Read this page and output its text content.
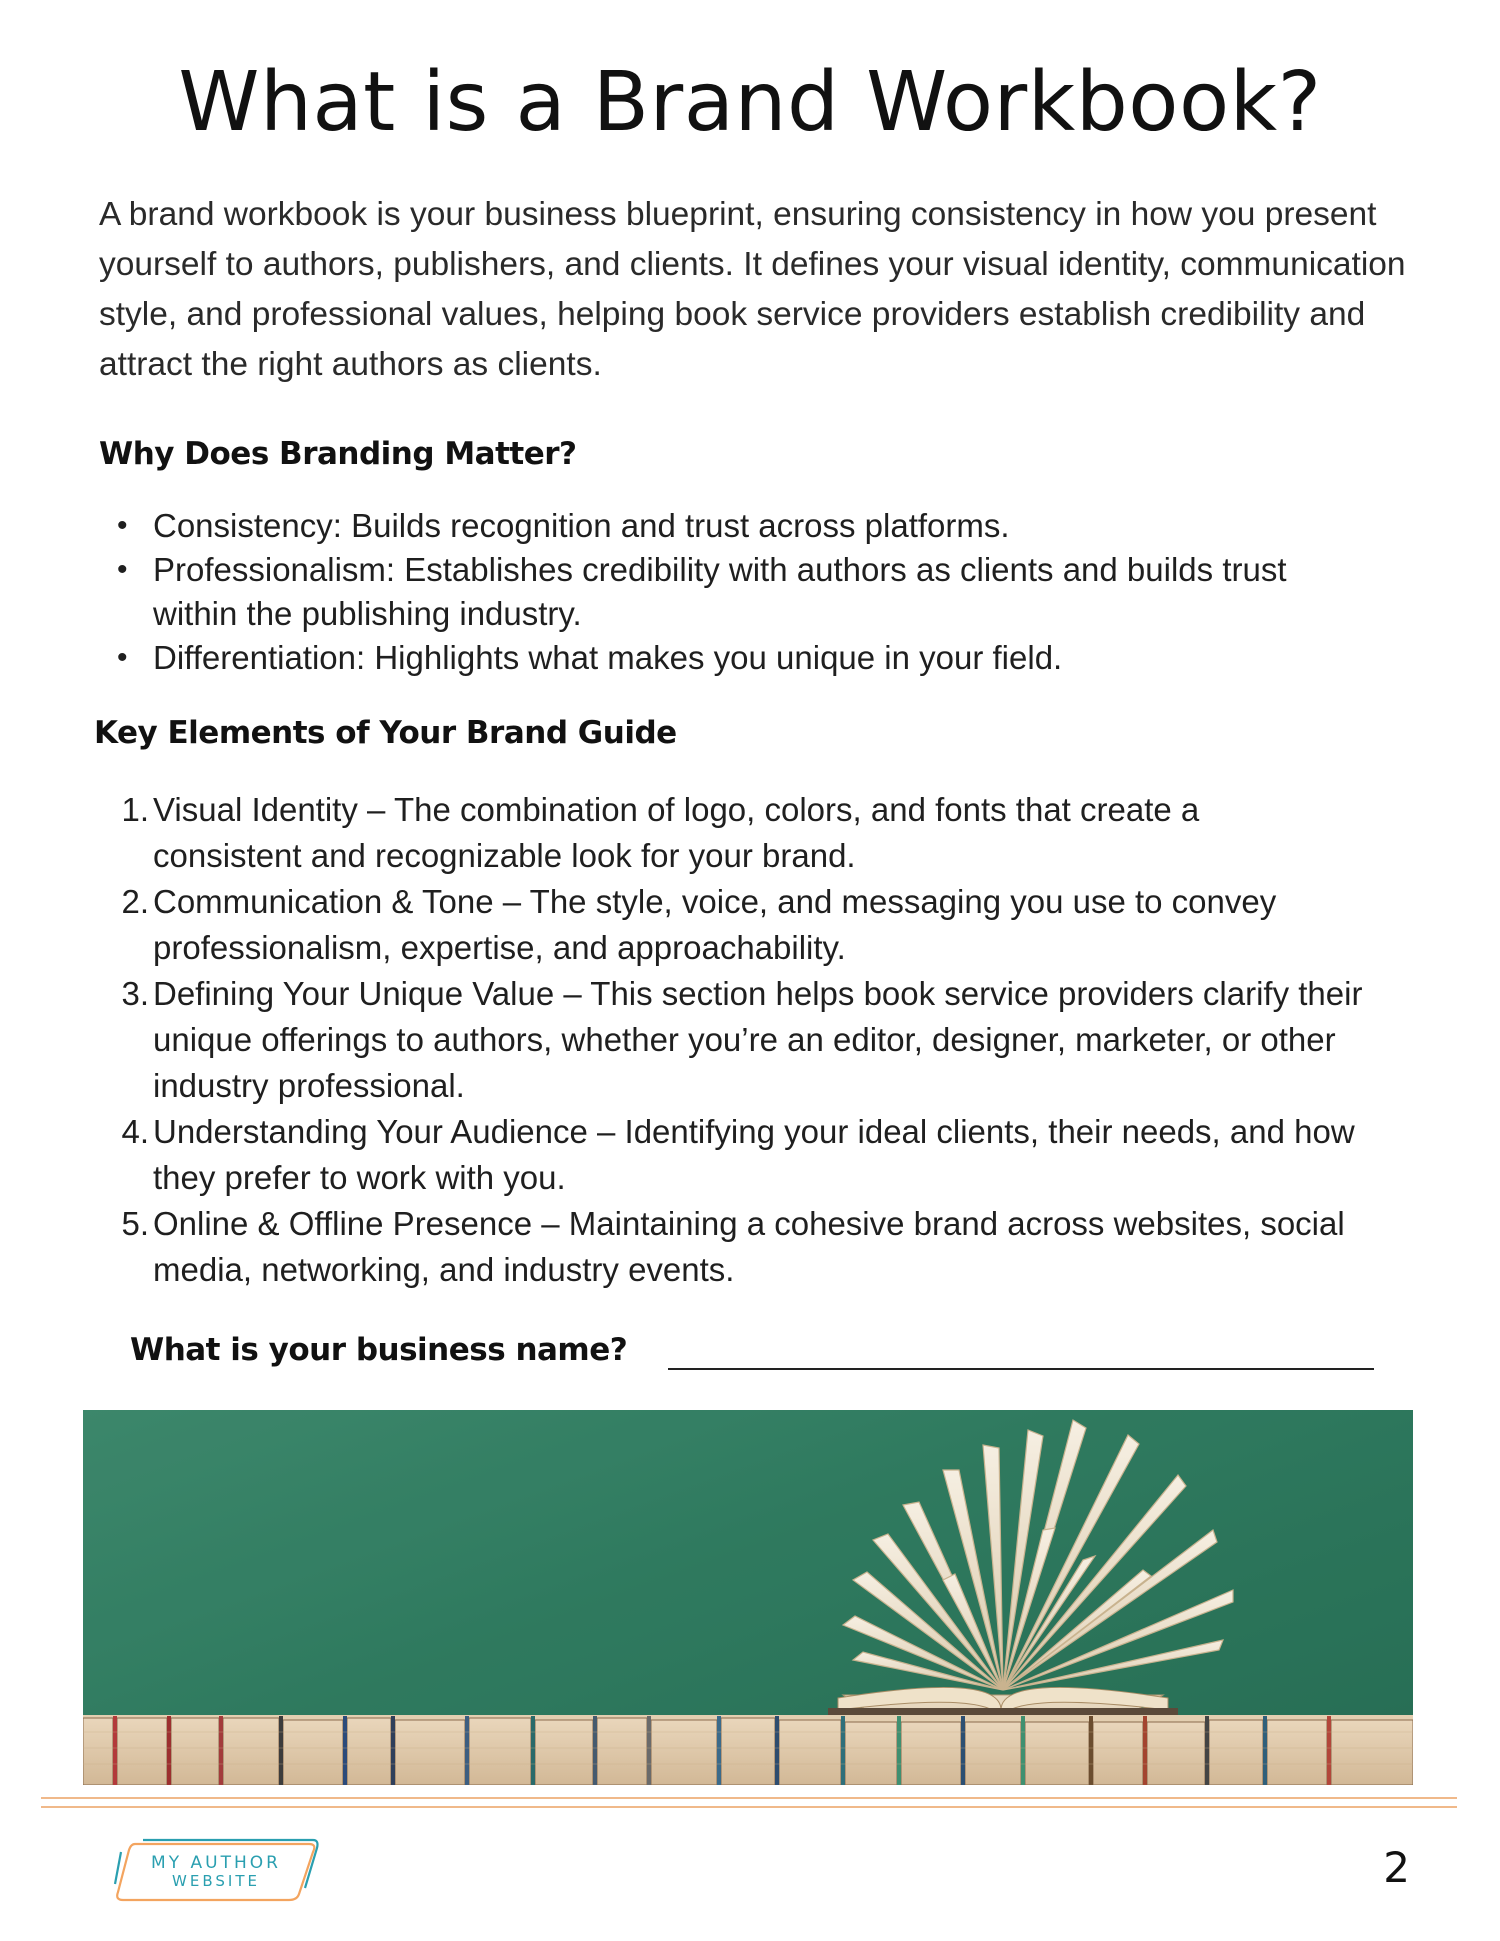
What is a Brand Workbook?

A brand workbook is your business blueprint, ensuring consistency in how you present yourself to authors, publishers, and clients. It defines your visual identity, communication style, and professional values, helping book service providers establish credibility and attract the right authors as clients.

Why Does Branding Matter?
• Consistency: Builds recognition and trust across platforms.
• Professionalism: Establishes credibility with authors as clients and builds trust within the publishing industry.
• Differentiation: Highlights what makes you unique in your field.
Key Elements of Your Brand Guide
1. Visual Identity – The combination of logo, colors, and fonts that create a consistent and recognizable look for your brand.
2. Communication & Tone – The style, voice, and messaging you use to convey professionalism, expertise, and approachability.
3. Defining Your Unique Value – This section helps book service providers clarify their unique offerings to authors, whether you’re an editor, designer, marketer, or other industry professional.
4. Understanding Your Audience – Identifying your ideal clients, their needs, and how they prefer to work with you.
5. Online & Offline Presence – Maintaining a cohesive brand across websites, social media, networking, and industry events.
What is your business name?
MY AUTHOR
WEBSITE	2
